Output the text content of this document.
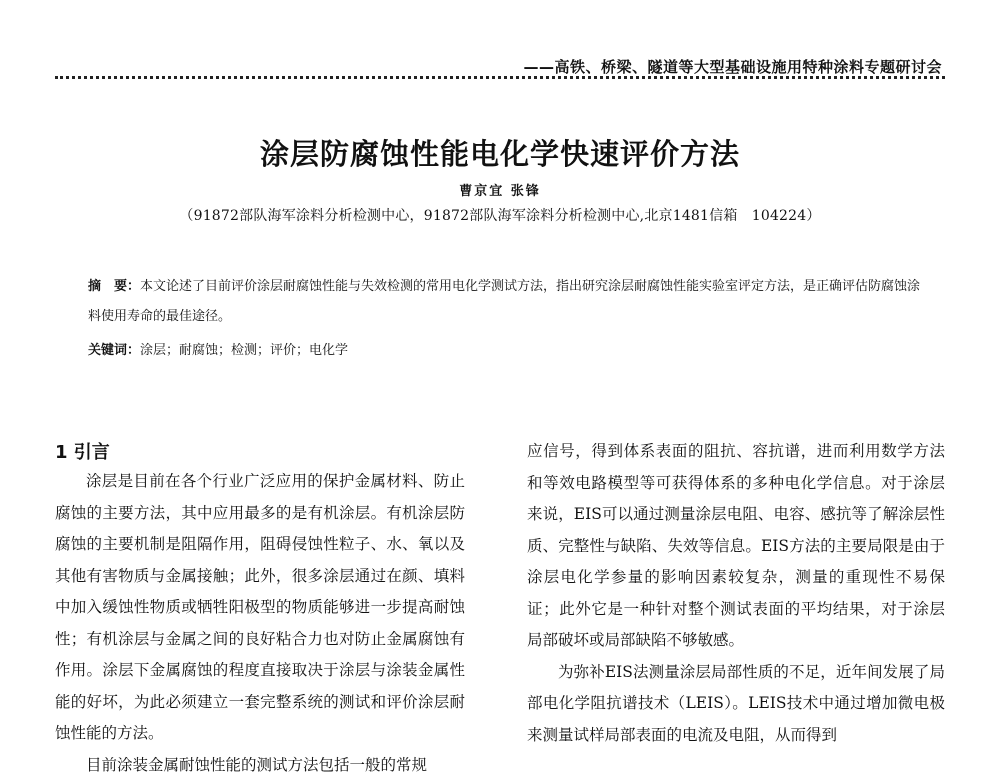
——高铁、桥梁、隧道等大型基础设施用特种涂料专题研讨会
涂层防腐蚀性能电化学快速评价方法
曹京宜 张锋
（91872部队海军涂料分析检测中心，91872部队海军涂料分析检测中心,北京1481信箱　104224）
摘　要：本文论述了目前评价涂层耐腐蚀性能与失效检测的常用电化学测试方法，指出研究涂层耐腐蚀性能实验室评定方法，是正确评估防腐蚀涂料使用寿命的最佳途径。
关键词：涂层；耐腐蚀；检测；评价；电化学
1 引言

涂层是目前在各个行业广泛应用的保护金属材料、防止腐蚀的主要方法，其中应用最多的是有机涂层。有机涂层防腐蚀的主要机制是阻隔作用，阻碍侵蚀性粒子、水、氧以及其他有害物质与金属接触；此外，很多涂层通过在颜、填料中加入缓蚀性物质或牺牲阳极型的物质能够进一步提高耐蚀性；有机涂层与金属之间的良好粘合力也对防止金属腐蚀有作用。涂层下金属腐蚀的程度直接取决于涂层与涂装金属性能的好坏，为此必须建立一套完整系统的测试和评价涂层耐蚀性能的方法。

目前涂装金属耐蚀性能的测试方法包括一般的常规

应信号，得到体系表面的阻抗、容抗谱，进而利用数学方法和等效电路模型等可获得体系的多种电化学信息。对于涂层来说，EIS可以通过测量涂层电阻、电容、感抗等了解涂层性质、完整性与缺陷、失效等信息。EIS方法的主要局限是由于涂层电化学参量的影响因素较复杂，测量的重现性不易保证；此外它是一种针对整个测试表面的平均结果，对于涂层局部破坏或局部缺陷不够敏感。

为弥补EIS法测量涂层局部性质的不足，近年间发展了局部电化学阻抗谱技术（LEIS）。LEIS技术中通过增加微电极来测量试样局部表面的电流及电阻，从而得到
